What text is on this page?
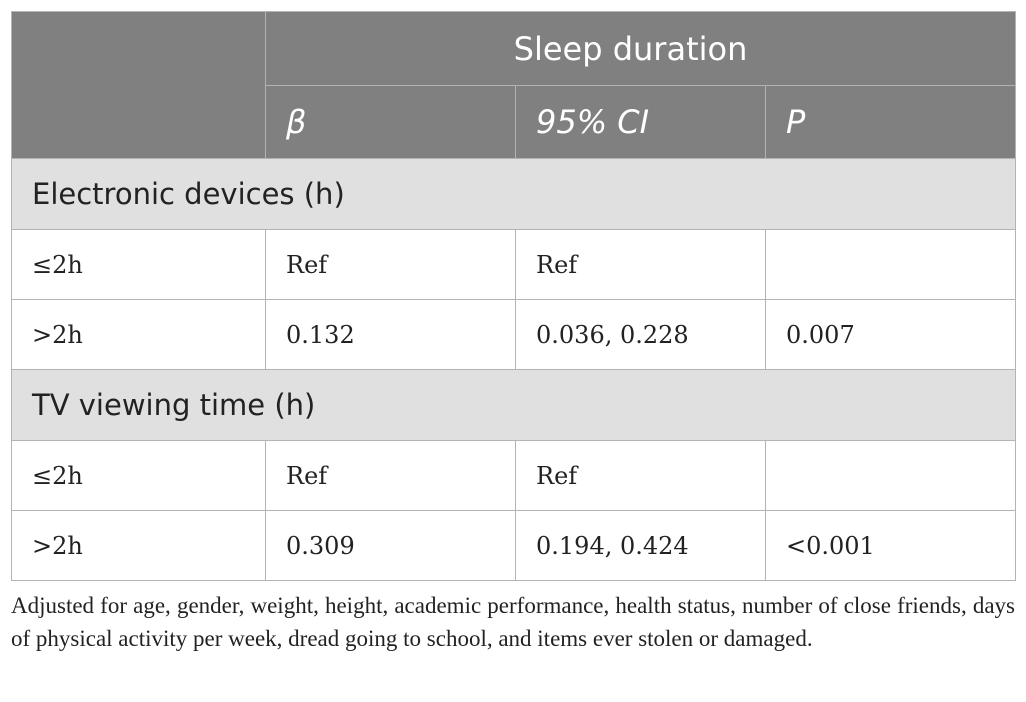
	Sleep duration		
	β	95% CI	P
Electronic devices (h)			
≤2h	Ref	Ref	
>2h	0.132	0.036, 0.228	0.007
TV viewing time (h)			
≤2h	Ref	Ref	
>2h	0.309	0.194, 0.424	<0.001

Adjusted for age, gender, weight, height, academic performance, health status, number of close friends, days of physical activity per week, dread going to school, and items ever stolen or damaged.
